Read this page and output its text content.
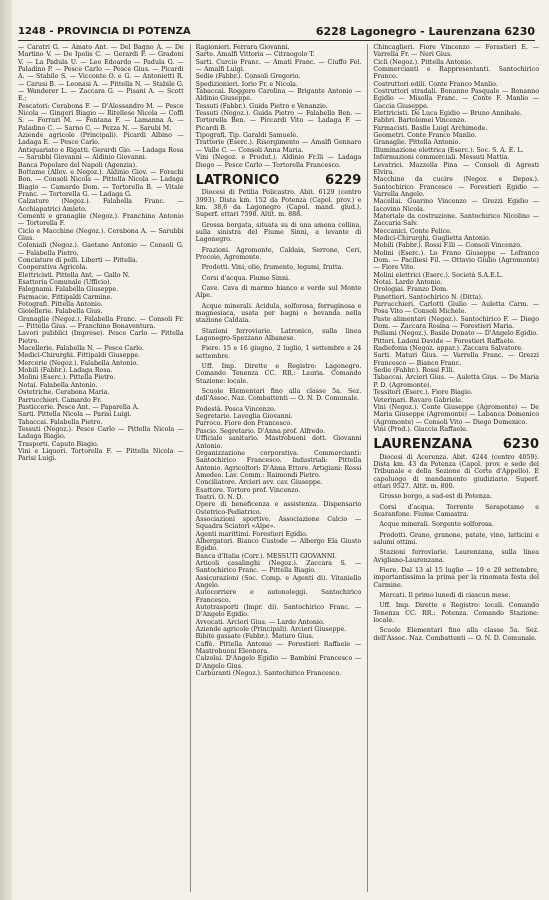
1248 - PROVINCIA DI POTENZA	6228 Lagonegro - Laurenzana 6230
— Caratri G. — Amato Ant. — Del Bagno A. — De Martino V. — De Ipolis C. — Gerardi F. — Gradoni V. — La Padula U. — Leo Edoardo — Padula G. — Paladino P. — Pesce Carlo — Pesce Gius. — Picardi A. — Stabile S. — Vicconte O. e G. — Antonietti R. — Carusi B. — Leonasi A. — Pittella N. — Stabile G. — Wanderer L. — Zaccara G. — Pisani A. — Scott E.;
Pescatori: Cerabona F. — D'Alessandro M. — Pesce Nicola — Gingeri Biagio — Ritellese Nicola — Coffi S. — Forrari M. — Fontana F. — Lamanna A. — Paladino C. — Sarno C. — Pezza N. — Sarubi M.
Aziende agricole (Principali). Picardi Albino — Ladaga E. — Pesce Carlo.
Antiquariato e Rigatti. Gerardi Gio. — Ladaga Rosa — Sarubbi Giovanni — Aldinio Giovanni.
Banca Popolare del Napoli (Agenzia).
Bottame (Allev. e Negoz.). Aldinio Giov. — Forachi Bon. — Consoli Nicola — Pittella Nicola — Ladaga Biagio — Camardo Dom. — Tortorella B. — Vitale Franc. — Tortorella G. — Ladaga G.
Calzature (Negoz.). Falabella Franc. — Acchiapatrici Amleto.
Cementi e granaglie (Negoz.). Franchino Antonio — Tortorella F.
Ciclo e Macchine (Negoz.). Cerabona A. — Sarubbi Gius.
Coloniali (Negoz.). Gaetano Antonio — Consoli G. — Falabella Pietro.
Conciature di pelli. Liberti — Pittella.
Cooperativa Agricola.
Elettricisti. Pittella Ant. — Gallo N.
Esattoria Comunale (Ufficio).
Falegnami. Falabella Giuseppe.
Farmacie. Fittipaldi Carmine.
Fotografi. Pittella Antonio.
Gioiellerie. Falabella Gius.
Granaglie (Negoz.). Falabella Franc. — Consoli Fr. — Pittella Gius. — Franchino Bonaventura.
Lavori pubblici (Imprese). Pesce Carlo — Pittella Pietro.
Macellerie. Falabella N. — Pesce Carlo.
Medici-Chirurghi. Fittipaldi Giuseppe.
Mercerie (Negoz.). Falabella Antonio.
Mobili (Fabbr.). Ladaga Rosa.
Molini (Eserc.). Pittella Pietro.
Notai. Falabella Antonio.
Ostetriche. Cerabona Maria.
Parrucchieri. Camardo Fr.
Pasticcerie. Pesce Ant. — Paparella A.
Sarti. Pittella Nicola — Parisi Luigi.
Tabaccai. Falabella Pietro.
Tessuti (Negoz.). Pesce Carlo — Pittella Nicola — Ladaga Biagio.
Trasporti. Caputo Biagio.
Vini e Liquori. Tortorella F. — Pittella Nicola — Parisi Luigi.
Ragionieri. Ferrara Giovanni.
Sarte. Amalfi Vittoria — Citraogolo T.
Sarti. Curcio Franc. — Amati Franc. — Ciuffo Fel. — Amalfi Luigi.
Sedie (Fabbr.). Consoli Gregorio.
Spedizionieri. Iorio Fr. e Nicola.
Tabaccai. Roggero Carolina — Brigante Antonio — Aldinio Giuseppe.
Tessuti (Fabbr.). Guida Pietro e Venanzio.
Tessuti (Negoz.). Guida Pietro — Falabella Ben. — Tortorella Ben. — Piccardi Vito — Ladaga F. — Picardi B.
Tipografi. Tip. Garaldi Samuele.
Trattorie (Eserc.). Risorgimento — Amalfi Gennaro — Valle C. — Consoli Anna Maria.
Vini (Negoz. e Produt.). Aldinio Fr.lli — Ladaga Diego — Pesce Carlo — Tortorella Francesco.
LATRONICO	6229
Diocesi di Petilia Policastro. Abit. 6129 (centro 3993). Dista km. 152 da Potenza (Capol. prov.) e km. 38,6 da Lagonegro (Capol. mand. giud.). Superf. ettari 7598. Altit. m. 888.
Grossa borgata, situata su di una amena collina, sulla sinistra del Fiume Sinni, a levante di Lagonegro.
Frazioni. Agromonte, Caldaia, Serrone, Ceri, Procoio, Agromonte.
Prodotti. Vini, olio, frumento, legumi, frutta.
Corsi d'acqua. Fiume Sinni.
Cave. Cava di marmo bianco e verde sul Monte Alpe.
Acque minerali. Acidula, solforosa, ferruginosa e magnesiaca, usata per bagni e bevanda nella stazione Caldaia.
Stazioni ferroviarie. Latronico, sulla linea Lagonegro-Spezzano Albanese.
Fiere. 15 e 16 giugno, 2 luglio, 1 settembre e 24 settembre.
Uff. Imp. Dirette e Registro: Lagonegro. Comando Tenenza CC. RR.: Lauria. Comando Stazione: locale.
Scuole Elementari fino alla classe 5a. Sez. dell'Assoc. Naz. Combattenti — O. N. D. Comunale.
Podestà. Posca Vincenzo.
Segretario. Laveglia Giovanni.
Parroco. Fiore don Francesco.
Pascio. Segretario. D'Anna prof. Alfredo.
Ufficiale sanitario. Mastrobuoni dott. Giovanni Antonio.
Organizzazione corporativa. Commercianti: Santochirico Francesco. Industriali: Pittella Antonio. Agricoltori: D'Anna Ettore. Artigiani: Rossi Amedeo. Lav. Comm.: Raimondi Pietro.
Conciliatore. Arcieri avv. cav. Giuseppe.
Esattore. Tortoro prof. Vincenzo.
Teatri. O. N. D.
Opere di beneficenza e assistenza. Dispensario Ostetrico-Pediatrico.
Associazioni sportive. Associazione Calcio — Squadra Sciatori «Alpe».
Agenti marittimi. Forestieri Egidio.
Albergatori. Bianco Custode — Albergo Ela Giusto Egidio.
Banca d'Italia (Corr.). MESSUTI GIOVANNI.
Articoli casalinghi (Negoz.). Zaccara S. — Santochirico Franc. — Pittella Biagio.
Assicurazioni (Soc. Comp. e Agenti di). Vitaniello Angelo.
Autocorriere e autonoleggi. Santochirico Francesco.
Autotrasporti (Impr. di). Santochirico Franc. — D'Angelo Egidio.
Avvocati. Arcieri Gius. — Lardo Antonio.
Aziende agricole (Principali). Arcieri Giuseppe.
Bibite gassate (Fabbr.). Maturo Gius.
Caffè. Pittella Antonio — Forestieri Raffaele — Mastrobuoni Eleonora.
Calzolai. D'Angelo Egidio — Bambini Francesco — D'Angelo Gius.
Carburanti (Negoz.). Santochirico Francesco.
Chincaglieri. Fiore Vincenzo — Forastieri E. — Varrella Fr. — Neri Gius.
Cicli (Negoz.). Pittella Antonio.
Commercianti e Rappresentanti. Santochirico Franco.
Costruttori edili. Conte Franco Manlio.
Costruttori stradali. Bonanno Pasquale — Bonanno Egidio — Misolla Franc. — Conte F. Manlio — Gaccia Giuseppe.
Elettricisti. De Luca Egidio — Bruno Annibale.
Fabbri. Bartolomei Vincenzo.
Farmacisti. Basile Luigi Archimede.
Geometri. Conte Franco Manlio.
Granaglie. Pittella Antonio.
Illuminazione elettrica (Eserc.). Soc. S. A. E. L.
Informazioni commerciali. Messuti Mattia.
Levatrici. Mazzella Pina — Consoli di Agresti Elvira.
Macchine da cucire (Negoz. e Depos.). Santochirico Francesco — Forestieri Egidio — Varrella Angelo.
Macellai. Guarino Vincenzo — Grezzi Egidio — Iacovino Nicola.
Materiale da costruzione. Santochirico Nicolino — Zaccaria Salv.
Meccanici. Conte Felice.
Medici-Chirurghi. Guglietta Antonio.
Mobili (Fabbr.). Rossi F.lli — Consoli Vincenzo.
Molini (Eserc.). Lo Frano Giuseppe — Lofranco Dom. — Paciliesi Fil. — Ottavio Giulio (Agromonte) — Fiore Vito.
Molini elettrici (Eserc.). Società S.A.E.L.
Notai. Lardo Antonio.
Orologiai. Franzo Dom.
Panettieri. Santochirico N. (Ditta).
Parrucchieri. Carlotti Giulio — Auletta Carm. — Posa Vito — Consoli Michele.
Paste alimentari (Negoz.). Santochirico F. — Diego Dom. — Zaccara Rosina — Forestieri Maria.
Pellami (Negoz.). Basile Donato — D'Angelo Egidio.
Pittori. Ladoni Davide — Forestieri Raffaele.
Radiofonia (Negoz. appar.). Zaccara Salvatore.
Sarti. Maturi Gius. — Varrella Franc. — Grezzi Francesco — Bianco Franc.
Sedie (Fabbr.). Rossi F.lli.
Tabaccai. Arcieri Gius. — Auletta Gius. — De Maria P. D. (Agromonte).
Tessitori (Eserc.). Fiore Biagio.
Veterinari. Bavaro Gabriele.
Vini (Negoz.). Conte Giuseppe (Agromonte) — De Maria Giuseppe (Agromonte) — Labanca Domenico (Agromonte) — Consoli Vito — Diego Domenico.
Vini (Prod.). Giaccia Raffaele.
LAURENZANA 6230
Diocesi di Acerenza. Abit. 4244 (centro 4059). Dista km. 43 da Potenza (Capol. prov. e sede del Tribunale e della Sezione di Corte d'Appello). E capoluogo di mandamento giudiziario. Superf. ettari 9527. Altit. m. 800.
Grosso borgo, a sud-est di Potenza.
Corsi d'acqua. Torrente Serapotamo e Scaranfone. Fiume Camastra.
Acque minerali. Sorgente solforosa.
Prodotti. Grano, granone, patate, vino, latticini e salumi ottimi.
Stazioni ferroviarie. Laurenzana, sulla linea Avigliano-Laurenzana.
Fiere. Dal 13 al 15 luglio — 19 e 20 settembre, importantissima la prima per la rinomata festa del Carmine.
Mercati. Il primo lunedì di ciascun mese.
Uff. Imp. Dirette e Registro: locali. Comando Tenenza CC. RR.: Potenza. Comando Stazione: locale.
Scuole Elementari fino alla classe 5a. Sez. dell'Assoc. Naz. Combattenti — O. N. D. Comunale.
